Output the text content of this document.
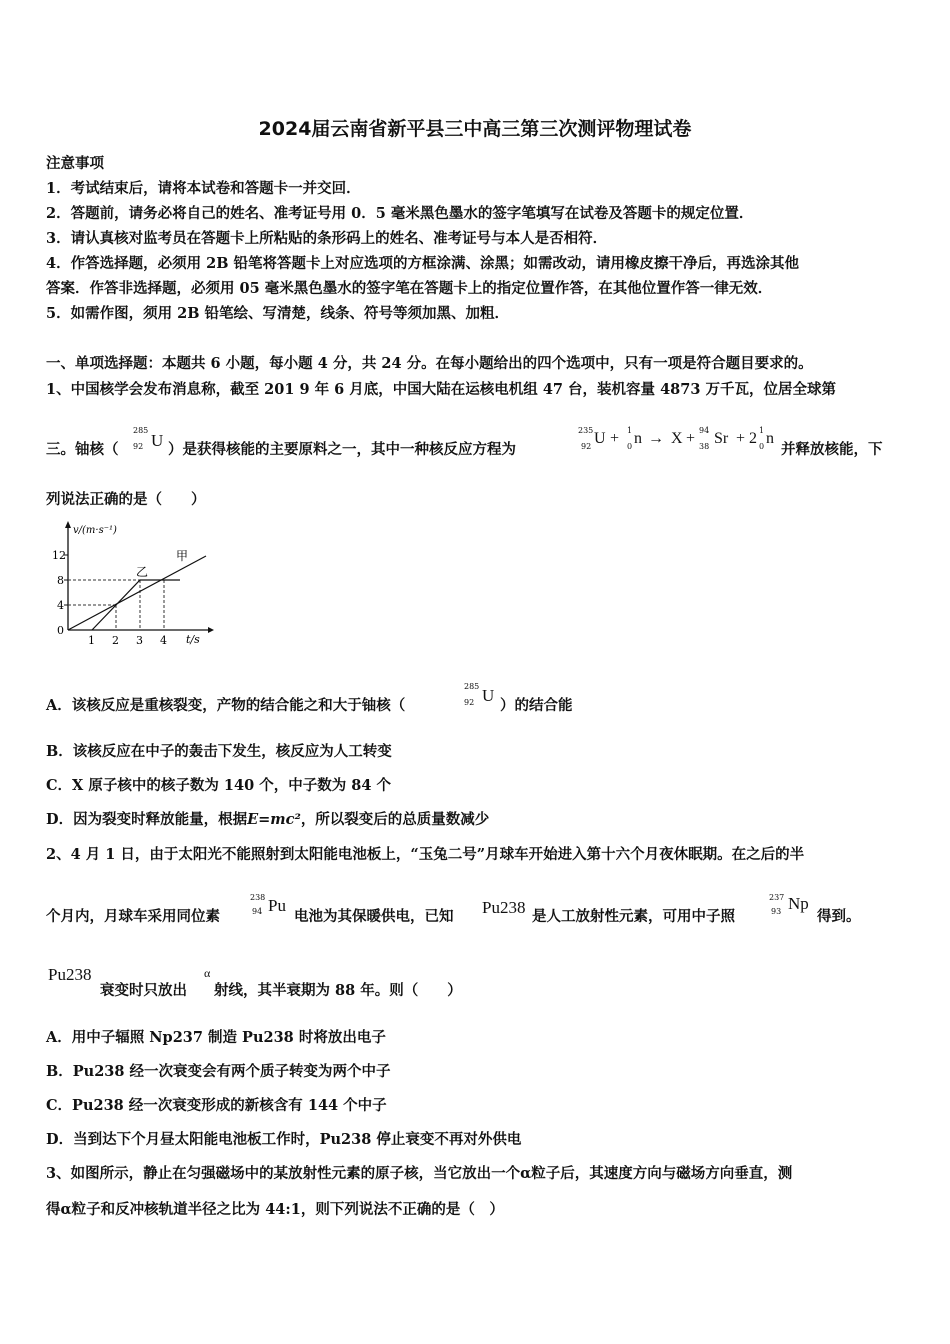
2024届云南省新平县三中高三第三次测评物理试卷
注意事项
1．考试结束后，请将本试卷和答题卡一并交回．
2．答题前，请务必将自己的姓名、准考证号用 0．5 毫米黑色墨水的签字笔填写在试卷及答题卡的规定位置．
3．请认真核对监考员在答题卡上所粘贴的条形码上的姓名、准考证号与本人是否相符．
4．作答选择题，必须用 2B 铅笔将答题卡上对应选项的方框涂满、涂黑；如需改动，请用橡皮擦干净后，再选涂其他
答案．作答非选择题，必须用 05 毫米黑色墨水的签字笔在答题卡上的指定位置作答，在其他位置作答一律无效．
5．如需作图，须用 2B 铅笔绘、写清楚，线条、符号等须加黑、加粗．
一、单项选择题：本题共 6 小题，每小题 4 分，共 24 分。在每小题给出的四个选项中，只有一项是符合题目要求的。
1、中国核学会发布消息称，截至 201 9 年 6 月底，中国大陆在运核电机组 47 台，装机容量 4873 万千瓦，位居全球第
三。铀核（
285
92 U ）是获得核能的主要原料之一，其中一种核反应方程为
235
92 U + 1
0 n → X + 94
38 Sr + 2 1
0 n
并释放核能，下
列说法正确的是（　　）
v/(m·s⁻¹)
t/s
12
8
4
0
1 2 3 4
甲
乙
A．该核反应是重核裂变，产物的结合能之和大于铀核（
285
92 U
）的结合能
B．该核反应在中子的轰击下发生，核反应为人工转变
C．X 原子核中的核子数为 140 个，中子数为 84 个
D．因为裂变时释放能量，根据E=mc²，所以裂变后的总质量数减少
2、4 月 1 日，由于太阳光不能照射到太阳能电池板上，“玉兔二号”月球车开始进入第十六个月夜休眠期。在之后的半
个月内，月球车采用同位素
238
94 Pu
电池为其保暖供电，已知 Pu238 是人工放射性元素，可用中子照
237
93 Np
得到。
Pu238
衰变时只放出
α
射线，其半衰期为 88 年。则（　　）
A．用中子辐照 Np237 制造 Pu238 时将放出电子
B．Pu238 经一次衰变会有两个质子转变为两个中子
C．Pu238 经一次衰变形成的新核含有 144 个中子
D．当到达下个月昼太阳能电池板工作时，Pu238 停止衰变不再对外供电
3、如图所示，静止在匀强磁场中的某放射性元素的原子核，当它放出一个α粒子后，其速度方向与磁场方向垂直，测
得α粒子和反冲核轨道半径之比为 44:1，则下列说法不正确的是（　）
